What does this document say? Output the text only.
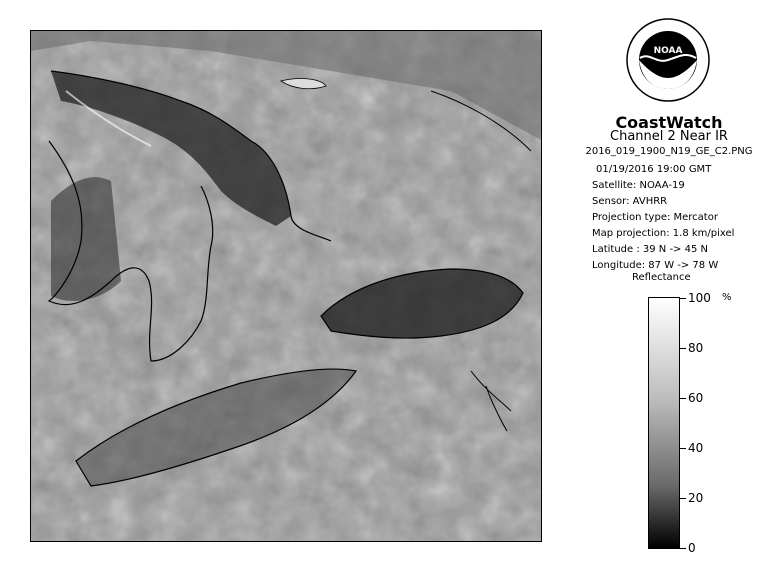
NOAA
CoastWatch
Channel 2 Near IR
2016_019_1900_N19_GE_C2.PNG
01/19/2016 19:00 GMT
Satellite: NOAA-19
Sensor: AVHRR
Projection type: Mercator
Map projection: 1.8 km/pixel
Latitude : 39 N -> 45 N
Longitude: 87 W -> 78 W
Reflectance
%
100
80
60
40
20
0
